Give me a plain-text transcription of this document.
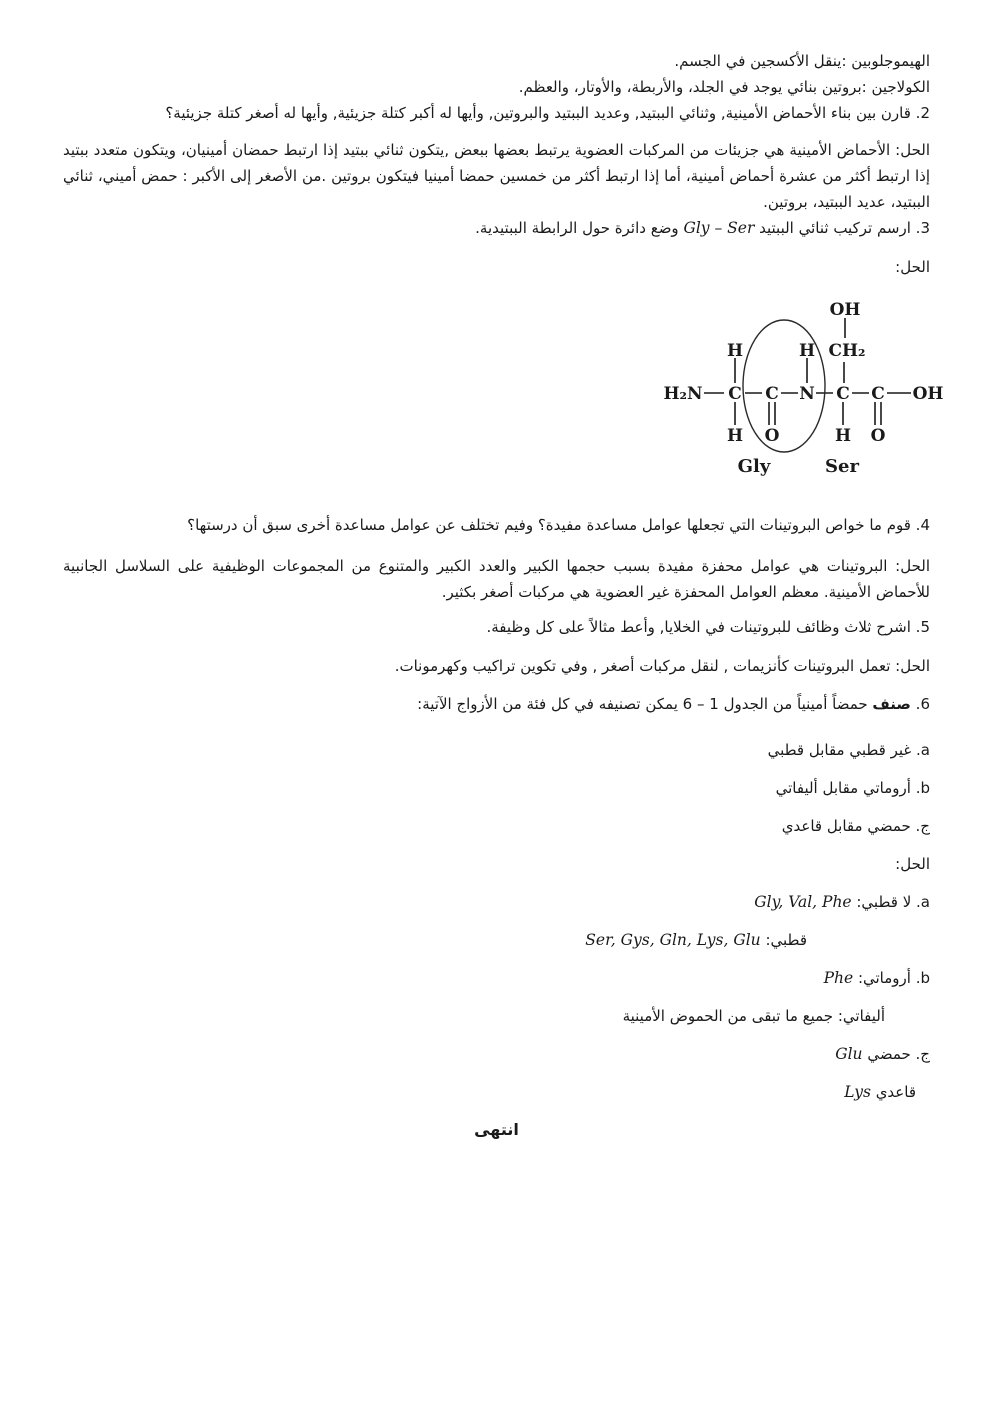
الهيموجلوبين :ينقل الأكسجين في الجسم.

الكولاجين :بروتين بنائي يوجد في الجلد، والأربطة، والأوتار، والعظم.

2. قارن بين بناء الأحماض الأمينية, وثنائي الببتيد, وعديد الببتيد والبروتين, وأيها له أكبر كتلة جزيئية, وأيها له أصغر كتلة جزيئية؟

الحل: الأحماض الأمينية هي جزيئات من المركبات العضوية يرتبط بعضها ببعض ,يتكون ثنائي ببتيد إذا ارتبط حمضان أمينيان، ويتكون متعدد ببتيد إذا ارتبط أكثر من عشرة أحماض أمينية، أما إذا ارتبط أكثر من خمسين حمضا أمينيا فيتكون بروتين .من الأصغر إلى الأكبر : حمض أميني، ثنائي الببتيد، عديد الببتيد، بروتين.

3. ارسم تركيب ثنائي الببتيد Gly – Ser وضع دائرة حول الرابطة الببتيدية.

الحل:

OH
H	H CH₂
H₂N C C N C C OH
H O	H O
Gly	Ser

4. قوم ما خواص البروتينات التي تجعلها عوامل مساعدة مفيدة؟ وفيم تختلف عن عوامل مساعدة أخرى سبق أن درستها؟

الحل: البروتينات هي عوامل محفزة مفيدة بسبب حجمها الكبير والعدد الكبير والمتنوع من المجموعات الوظيفية على السلاسل الجانبية للأحماض الأمينية. معظم العوامل المحفزة غير العضوية هي مركبات أصغر بكثير.

5. اشرح ثلاث وظائف للبروتينات في الخلايا, وأعط مثالاً على كل وظيفة.

الحل: تعمل البروتينات كأنزيمات , لنقل مركبات أصغر , وفي تكوين تراكيب وكهرمونات.

6. صنف حمضاً أمينياً من الجدول 1 – 6 يمكن تصنيفه في كل فئة من الأزواج الآتية:

a. غير قطبي مقابل قطبي

b. أروماتي مقابل أليفاتي

ج. حمضي مقابل قاعدي

الحل:

a. لا قطبي: Gly, Val, Phe

قطبي: Ser, Gys, Gln, Lys, Glu

b. أروماتي: Phe

أليفاتي: جميع ما تبقى من الحموض الأمينية

ج. حمضي Glu

قاعدي Lys

انتهى
